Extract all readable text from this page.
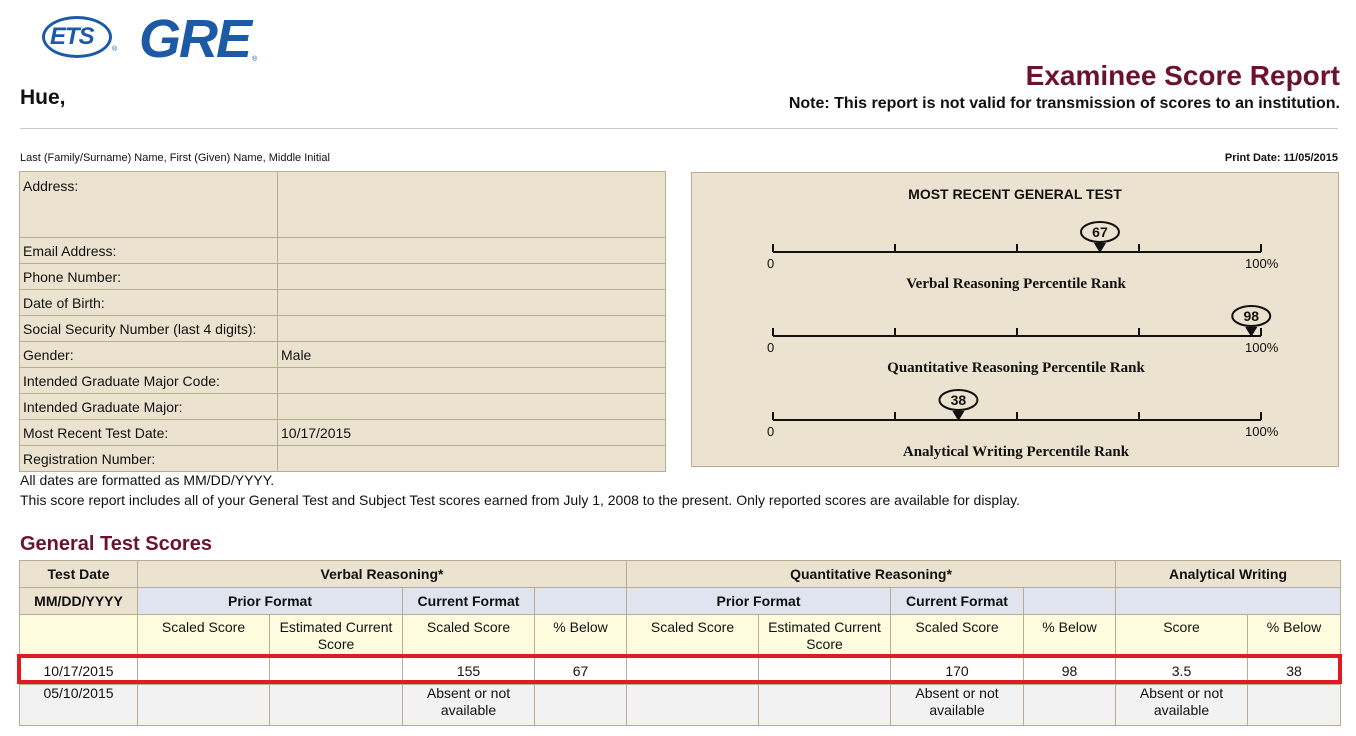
ETS	® GRE ®
Hue,
Examinee Score Report
Note: This report is not valid for transmission of scores to an institution.
Last (Family/Surname) Name, First (Given) Name, Middle Initial	Print Date: 11/05/2015
Address:	
Email Address:	
Phone Number:	
Date of Birth:	
Social Security Number (last 4 digits):	
Gender:	Male
Intended Graduate Major Code:	
Intended Graduate Major:	
Most Recent Test Date:	10/17/2015
Registration Number:	
All dates are formatted as MM/DD/YYYY.
This score report includes all of your General Test and Subject Test scores earned from July 1, 2008 to the present. Only reported scores are available for display.
MOST RECENT GENERAL TEST
0	100%
Verbal Reasoning Percentile Rank
67
0	100%
Quantitative Reasoning Percentile Rank
98
0	100%
Analytical Writing Percentile Rank
38
General Test Scores
Test Date	Verbal Reasoning*				Quantitative Reasoning*				Analytical Writing	
MM/DD/YYYY	Prior Format		Current Format		Prior Format		Current Format			
	Scaled Score	Estimated Current Score	Scaled Score	% Below	Scaled Score	Estimated Current Score	Scaled Score	% Below	Score	% Below
10/17/2015			155	67			170	98	3.5	38
05/10/2015			Absent or not available				Absent or not available		Absent or not available	
